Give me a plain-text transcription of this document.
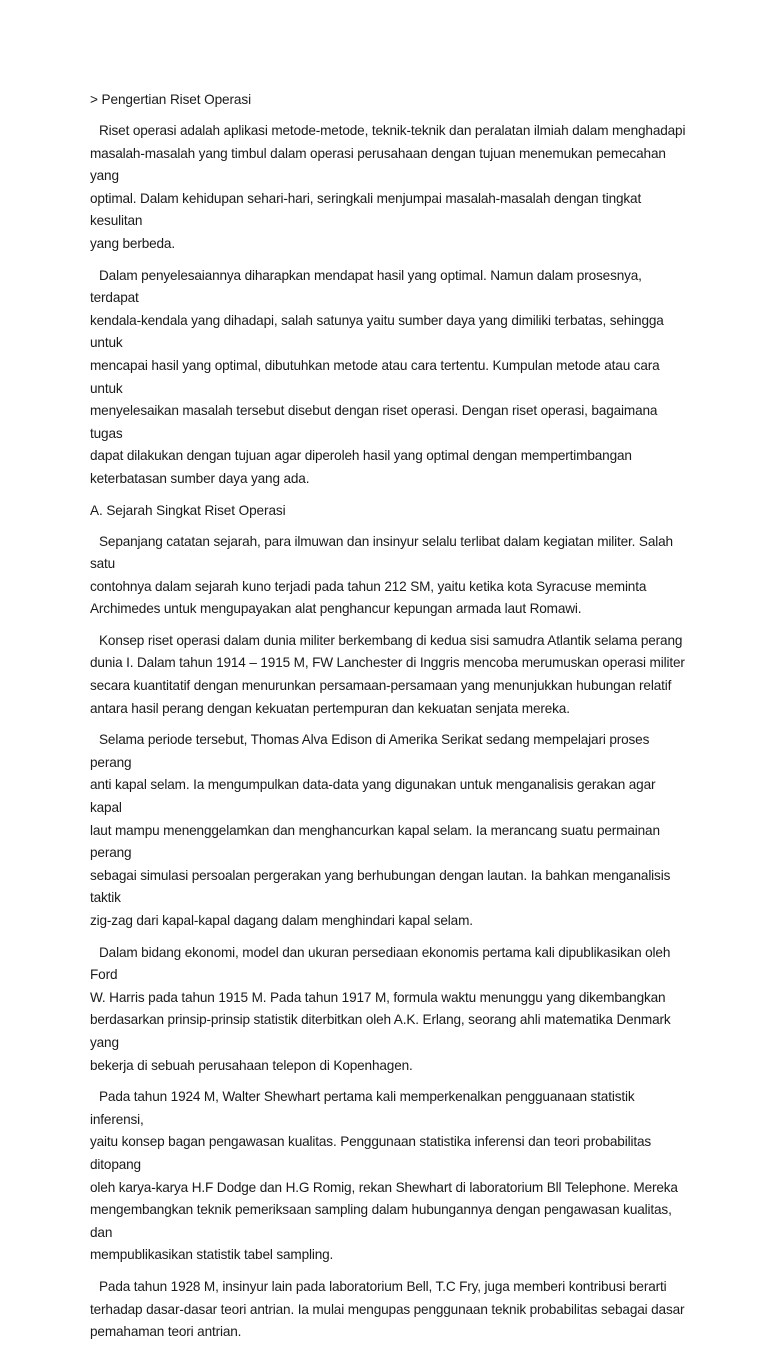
> Pengertian Riset Operasi

Riset operasi adalah aplikasi metode-metode, teknik-teknik dan peralatan ilmiah dalam menghadapi
masalah-masalah yang timbul dalam operasi perusahaan dengan tujuan menemukan pemecahan yang
optimal. Dalam kehidupan sehari-hari, seringkali menjumpai masalah-masalah dengan tingkat kesulitan
yang berbeda.

Dalam penyelesaiannya diharapkan mendapat hasil yang optimal. Namun dalam prosesnya, terdapat
kendala-kendala yang dihadapi, salah satunya yaitu sumber daya yang dimiliki terbatas, sehingga untuk
mencapai hasil yang optimal, dibutuhkan metode atau cara tertentu. Kumpulan metode atau cara untuk
menyelesaikan masalah tersebut disebut dengan riset operasi. Dengan riset operasi, bagaimana tugas
dapat dilakukan dengan tujuan agar diperoleh hasil yang optimal dengan mempertimbangan
keterbatasan sumber daya yang ada.

A. Sejarah Singkat Riset Operasi

Sepanjang catatan sejarah, para ilmuwan dan insinyur selalu terlibat dalam kegiatan militer. Salah satu
contohnya dalam sejarah kuno terjadi pada tahun 212 SM, yaitu ketika kota Syracuse meminta
Archimedes untuk mengupayakan alat penghancur kepungan armada laut Romawi.

Konsep riset operasi dalam dunia militer berkembang di kedua sisi samudra Atlantik selama perang
dunia I. Dalam tahun 1914 – 1915 M, FW Lanchester di Inggris mencoba merumuskan operasi militer
secara kuantitatif dengan menurunkan persamaan-persamaan yang menunjukkan hubungan relatif
antara hasil perang dengan kekuatan pertempuran dan kekuatan senjata mereka.

Selama periode tersebut, Thomas Alva Edison di Amerika Serikat sedang mempelajari proses perang
anti kapal selam. Ia mengumpulkan data-data yang digunakan untuk menganalisis gerakan agar kapal
laut mampu menenggelamkan dan menghancurkan kapal selam. Ia merancang suatu permainan perang
sebagai simulasi persoalan pergerakan yang berhubungan dengan lautan. Ia bahkan menganalisis taktik
zig-zag dari kapal-kapal dagang dalam menghindari kapal selam.

Dalam bidang ekonomi, model dan ukuran persediaan ekonomis pertama kali dipublikasikan oleh Ford
W. Harris pada tahun 1915 M. Pada tahun 1917 M, formula waktu menunggu yang dikembangkan
berdasarkan prinsip-prinsip statistik diterbitkan oleh A.K. Erlang, seorang ahli matematika Denmark yang
bekerja di sebuah perusahaan telepon di Kopenhagen.

Pada tahun 1924 M, Walter Shewhart pertama kali memperkenalkan pengguanaan statistik inferensi,
yaitu konsep bagan pengawasan kualitas. Penggunaan statistika inferensi dan teori probabilitas ditopang
oleh karya-karya H.F Dodge dan H.G Romig, rekan Shewhart di laboratorium Bll Telephone. Mereka
mengembangkan teknik pemeriksaan sampling dalam hubungannya dengan pengawasan kualitas, dan
mempublikasikan statistik tabel sampling.

Pada tahun 1928 M, insinyur lain pada laboratorium Bell, T.C Fry, juga memberi kontribusi berarti
terhadap dasar-dasar teori antrian. Ia mulai mengupas penggunaan teknik probabilitas sebagai dasar
pemahaman teori antrian.
